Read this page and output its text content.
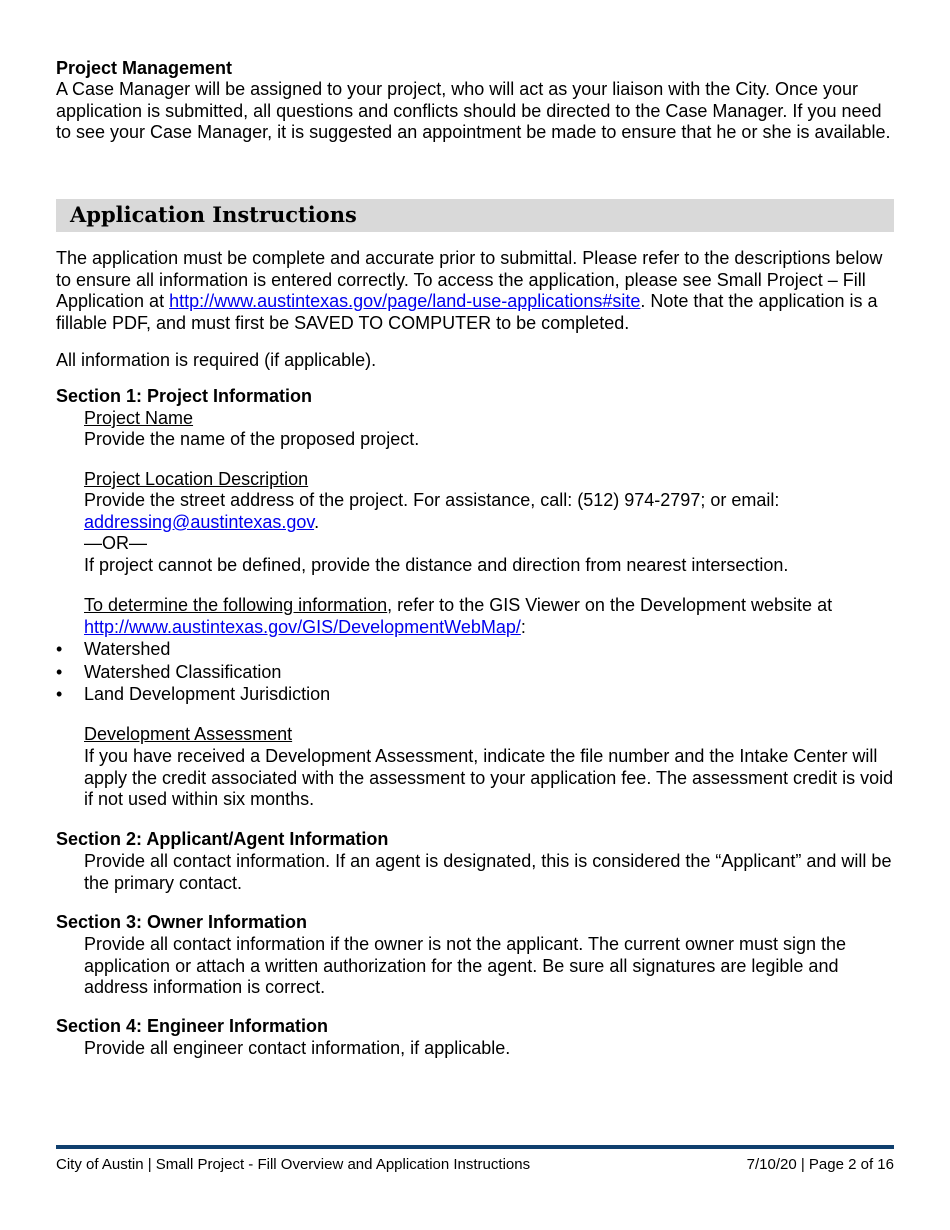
Project Management

A Case Manager will be assigned to your project, who will act as your liaison with the City. Once your application is submitted, all questions and conflicts should be directed to the Case Manager. If you need to see your Case Manager, it is suggested an appointment be made to ensure that he or she is available.

Application Instructions

The application must be complete and accurate prior to submittal. Please refer to the descriptions below to ensure all information is entered correctly. To access the application, please see Small Project – Fill Application at http://www.austintexas.gov/page/land-use-applications#site. Note that the application is a fillable PDF, and must first be SAVED TO COMPUTER to be completed.

All information is required (if applicable).

Section 1: Project Information

Project Name

Provide the name of the proposed project.

Project Location Description

Provide the street address of the project. For assistance, call: (512) 974-2797; or email:

addressing@austintexas.gov.

—OR—

If project cannot be defined, provide the distance and direction from nearest intersection.

To determine the following information, refer to the GIS Viewer on the Development website at

http://www.austintexas.gov/GIS/DevelopmentWebMap/:

• Watershed
• Watershed Classification
• Land Development Jurisdiction

Development Assessment

If you have received a Development Assessment, indicate the file number and the Intake Center will apply the credit associated with the assessment to your application fee. The assessment credit is void if not used within six months.

Section 2: Applicant/Agent Information

Provide all contact information. If an agent is designated, this is considered the “Applicant” and will be the primary contact.

Section 3: Owner Information

Provide all contact information if the owner is not the applicant. The current owner must sign the application or attach a written authorization for the agent. Be sure all signatures are legible and address information is correct.

Section 4: Engineer Information

Provide all engineer contact information, if applicable.

City of Austin | Small Project - Fill Overview and Application Instructions	7/10/20 | Page 2 of 16
